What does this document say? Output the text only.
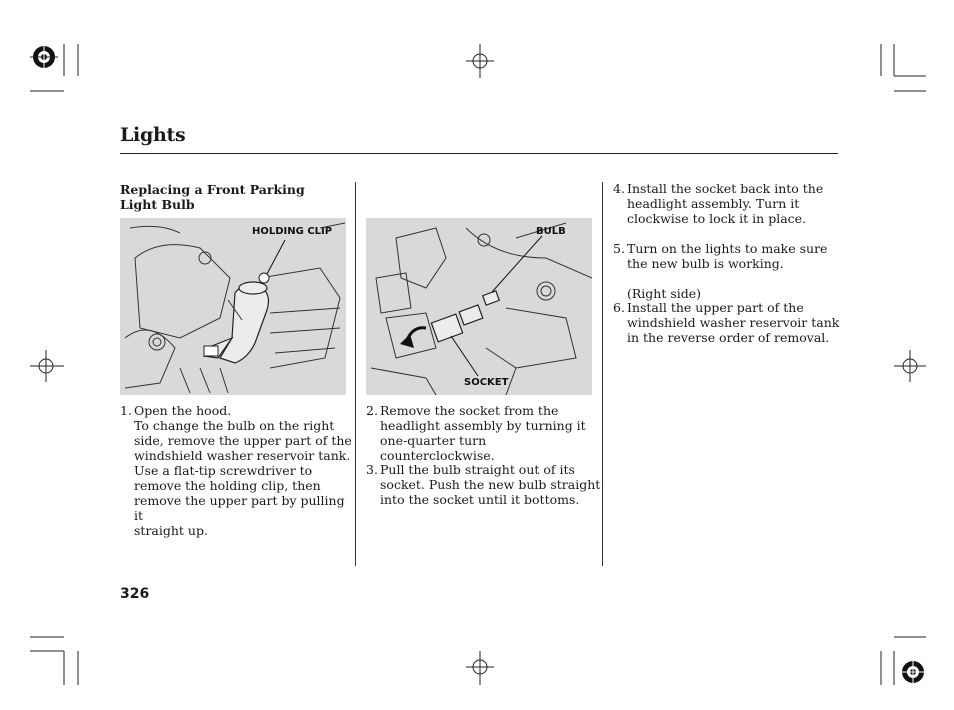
Lights
Replacing a Front Parking Light Bulb
HOLDING CLIP	BULB
SOCKET
1. Open the hood.
To change the bulb on the right
side, remove the upper part of the
windshield washer reservoir tank.
Use a flat-tip screwdriver to
remove the holding clip, then
remove the upper part by pulling it
straight up.
2. Remove the socket from the
headlight assembly by turning it
one-quarter turn counterclockwise.
3. Pull the bulb straight out of its
socket. Push the new bulb straight
into the socket until it bottoms.
4. Install the socket back into the
headlight assembly. Turn it
clockwise to lock it in place.
5. Turn on the lights to make sure
the new bulb is working.
(Right side)
6. Install the upper part of the
windshield washer reservoir tank
in the reverse order of removal.
326
